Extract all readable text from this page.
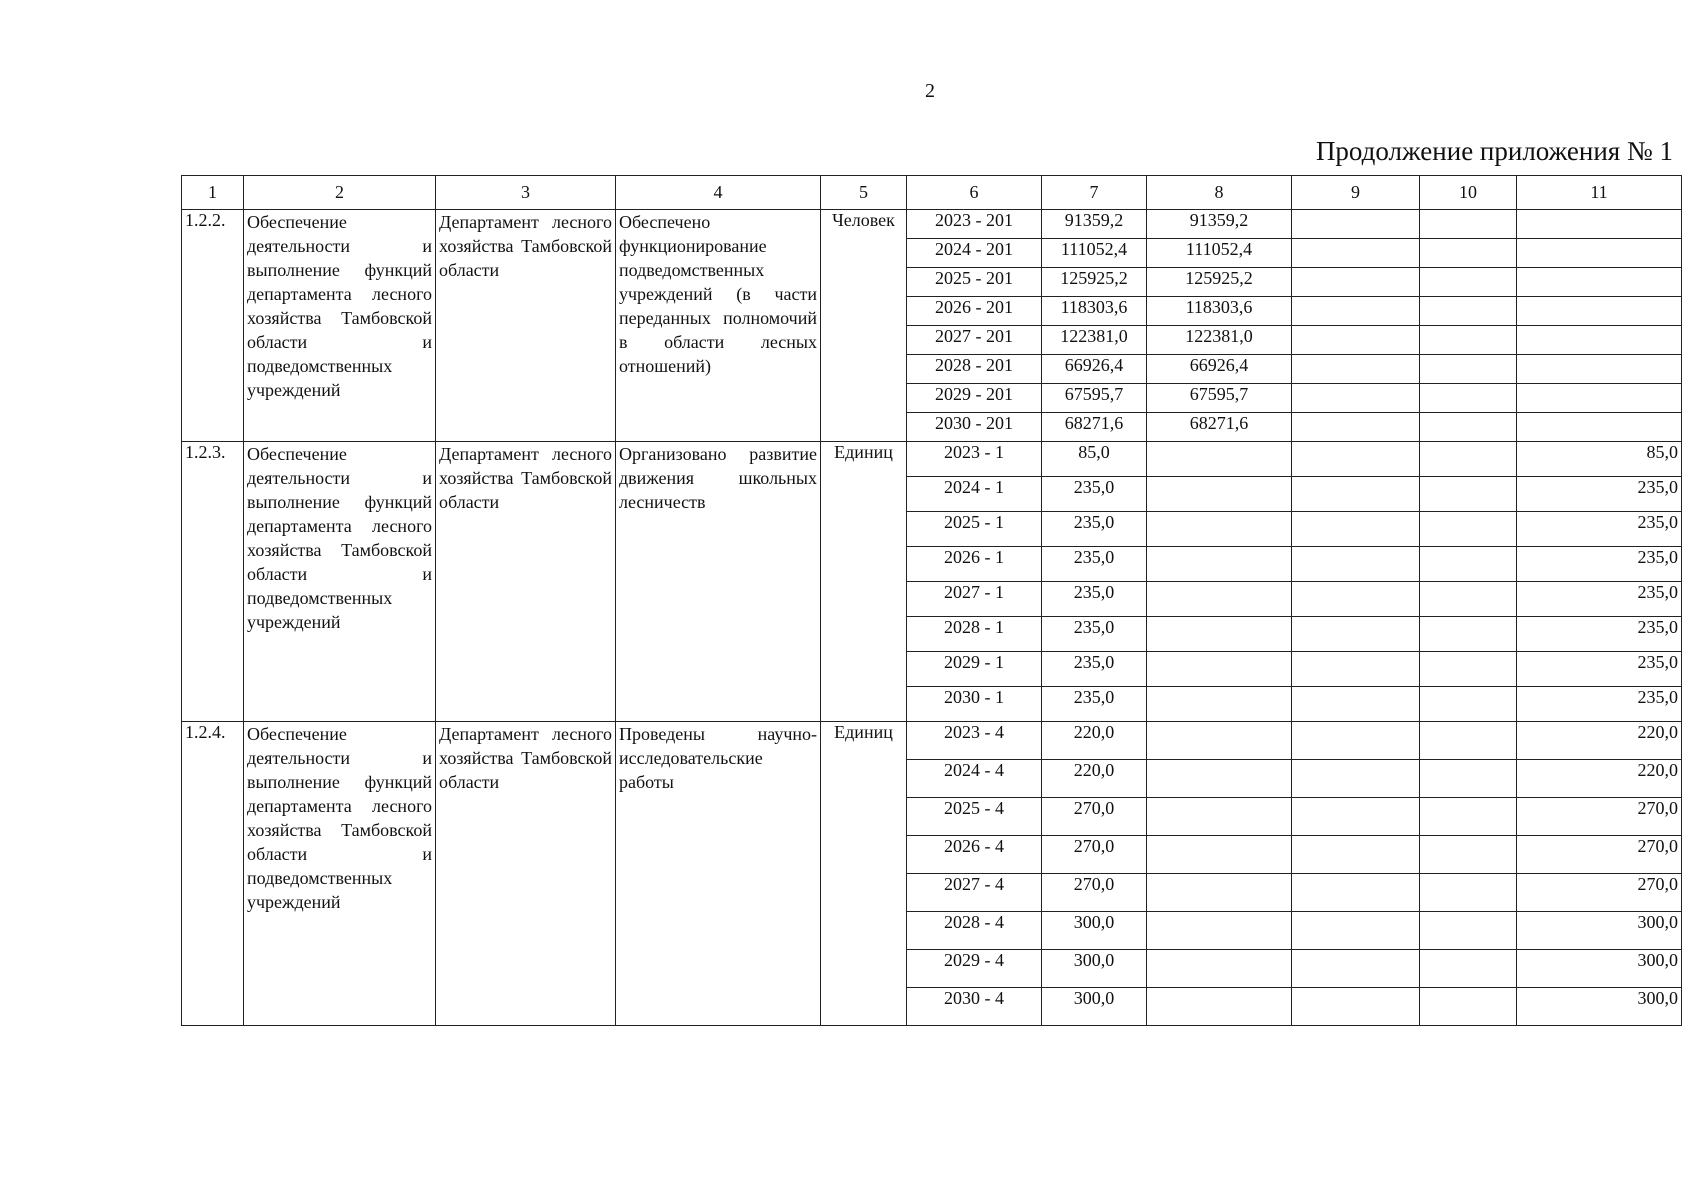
2
Продолжение приложения № 1
1	2	3	4	5	6	7	8	9	10	11
1.2.2.	Обеспечение деятельности и выполнение функций департамента лесного хозяйства Тамбовской области и подведомственных учреждений	Департамент лесного хозяйства Тамбовской области	Обеспечено функционирование подведомственных учреждений (в части переданных полномочий в области лесных отношений)	Человек	2023 - 201	91359,2	91359,2			
					2024 - 201	111052,4	111052,4			
					2025 - 201	125925,2	125925,2			
					2026 - 201	118303,6	118303,6			
					2027 - 201	122381,0	122381,0			
					2028 - 201	66926,4	66926,4			
					2029 - 201	67595,7	67595,7			
					2030 - 201	68271,6	68271,6			
1.2.3.	Обеспечение деятельности и выполнение функций департамента лесного хозяйства Тамбовской области и подведомственных учреждений	Департамент лесного хозяйства Тамбовской области	Организовано развитие движения школьных лесничеств	Единиц	2023 - 1	85,0				85,0
					2024 - 1	235,0				235,0
					2025 - 1	235,0				235,0
					2026 - 1	235,0				235,0
					2027 - 1	235,0				235,0
					2028 - 1	235,0				235,0
					2029 - 1	235,0				235,0
					2030 - 1	235,0				235,0
1.2.4.	Обеспечение деятельности и выполнение функций департамента лесного хозяйства Тамбовской области и подведомственных учреждений	Департамент лесного хозяйства Тамбовской области	Проведены научно-исследовательские работы	Единиц	2023 - 4	220,0				220,0
					2024 - 4	220,0				220,0
					2025 - 4	270,0				270,0
					2026 - 4	270,0				270,0
					2027 - 4	270,0				270,0
					2028 - 4	300,0				300,0
					2029 - 4	300,0				300,0
					2030 - 4	300,0				300,0
